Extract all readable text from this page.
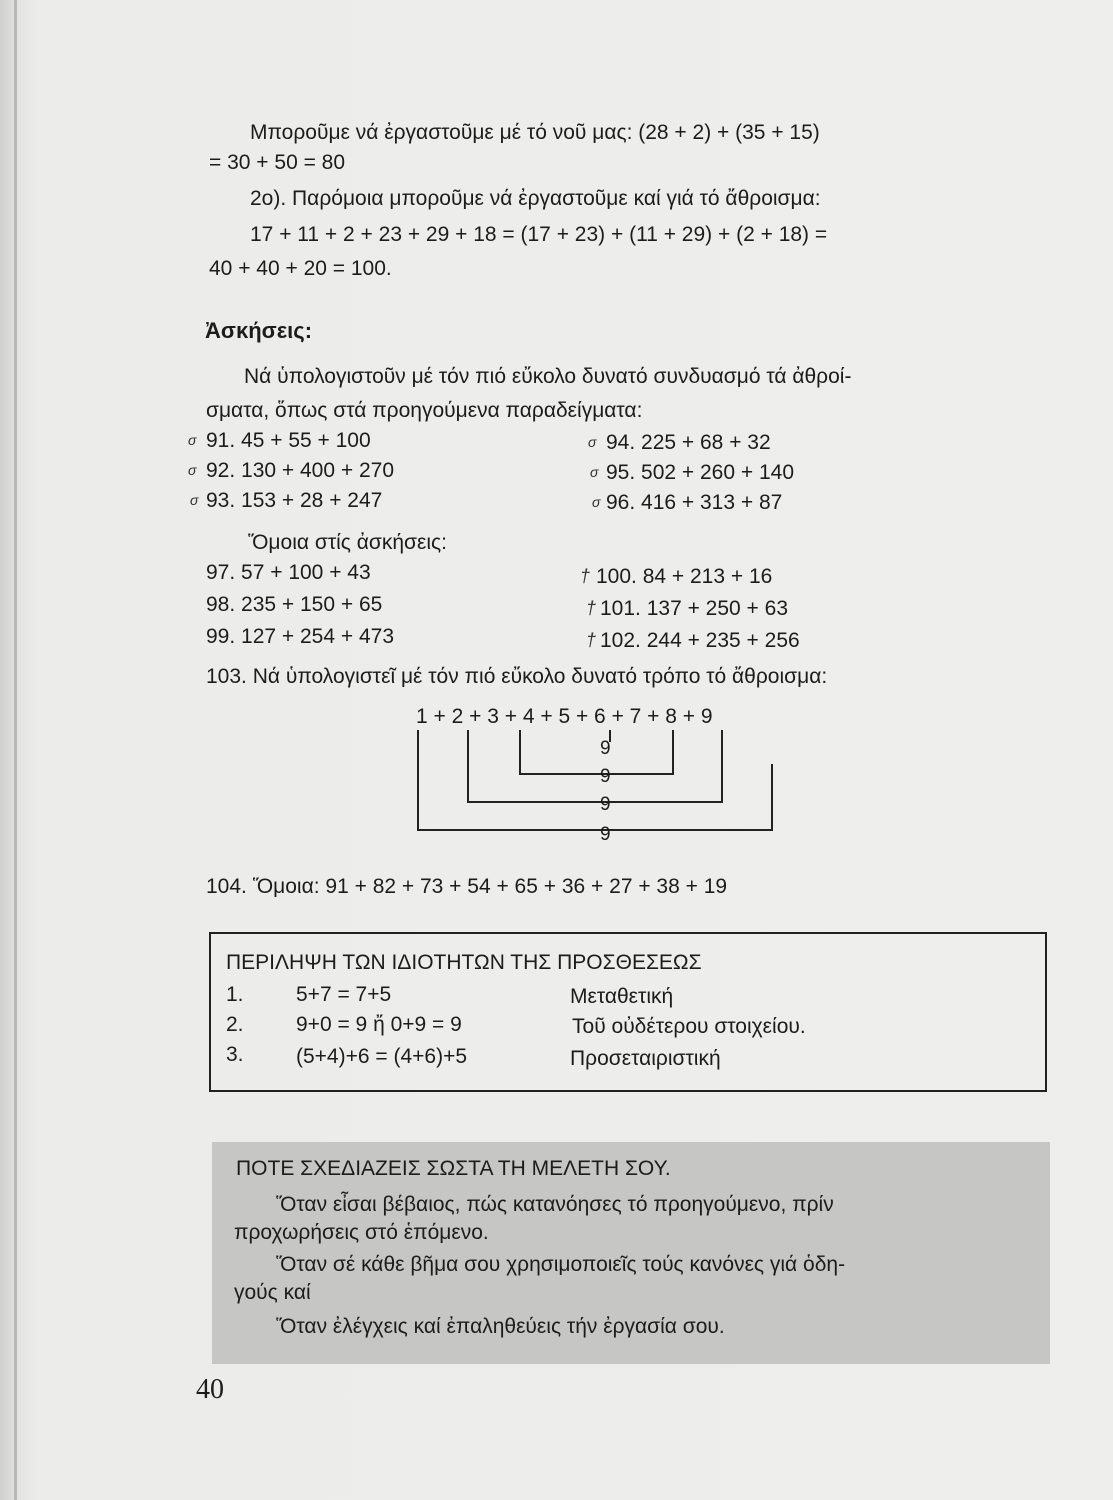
Μποροῦμε νά ἐργαστοῦμε μέ τό νοῦ μας: (28 + 2) + (35 + 15)
= 30 + 50 = 80
2ο). Παρόμοια μποροῦμε νά ἐργαστοῦμε καί γιά τό ἄθροισμα:
17 + 11 + 2 + 23 + 29 + 18 = (17 + 23) + (11 + 29) + (2 + 18) =
40 + 40 + 20 = 100.
Ἀσκήσεις:
Νά ὑπολογιστοῦν μέ τόν πιό εὔκολο δυνατό συνδυασμό τά ἀθροί-
σματα, ὅπως στά προηγούμενα παραδείγματα:
σ 91. 45 + 55 + 100
σ 92. 130 + 400 + 270
σ 93. 153 + 28 + 247
σ 94. 225 + 68 + 32
σ 95. 502 + 260 + 140
σ 96. 416 + 313 + 87
Ὅμοια στίς ἀσκήσεις:
97. 57 + 100 + 43
98. 235 + 150 + 65
99. 127 + 254 + 473
† 100. 84 + 213 + 16
† 101. 137 + 250 + 63
† 102. 244 + 235 + 256
103. Νά ὑπολογιστεῖ μέ τόν πιό εὔκολο δυνατό τρόπο τό ἄθροισμα:
1 + 2 + 3 + 4 + 5 + 6 + 7 + 8 + 9
9
9
9
9
104. Ὅμοια: 91 + 82 + 73 + 54 + 65 + 36 + 27 + 38 + 19
ΠΕΡΙΛΗΨΗ ΤΩΝ ΙΔΙΟΤΗΤΩΝ ΤΗΣ ΠΡΟΣΘΕΣΕΩΣ
1. 5+7 = 7+5	Μεταθετική
2. 9+0 = 9 ἤ 0+9 = 9	Τοῦ οὐδέτερου στοιχείου.
3. (5+4)+6 = (4+6)+5	Προσεταιριστική
ΠΟΤΕ ΣΧΕΔΙΑΖΕΙΣ ΣΩΣΤΑ ΤΗ ΜΕΛΕΤΗ ΣΟΥ.
Ὅταν εἶσαι βέβαιος, πώς κατανόησες τό προηγούμενο, πρίν
προχωρήσεις στό ἑπόμενο.
Ὅταν σέ κάθε βῆμα σου χρησιμοποιεῖς τούς κανόνες γιά ὁδη-
γούς καί
Ὅταν ἐλέγχεις καί ἐπαληθεύεις τήν ἐργασία σου.
40
